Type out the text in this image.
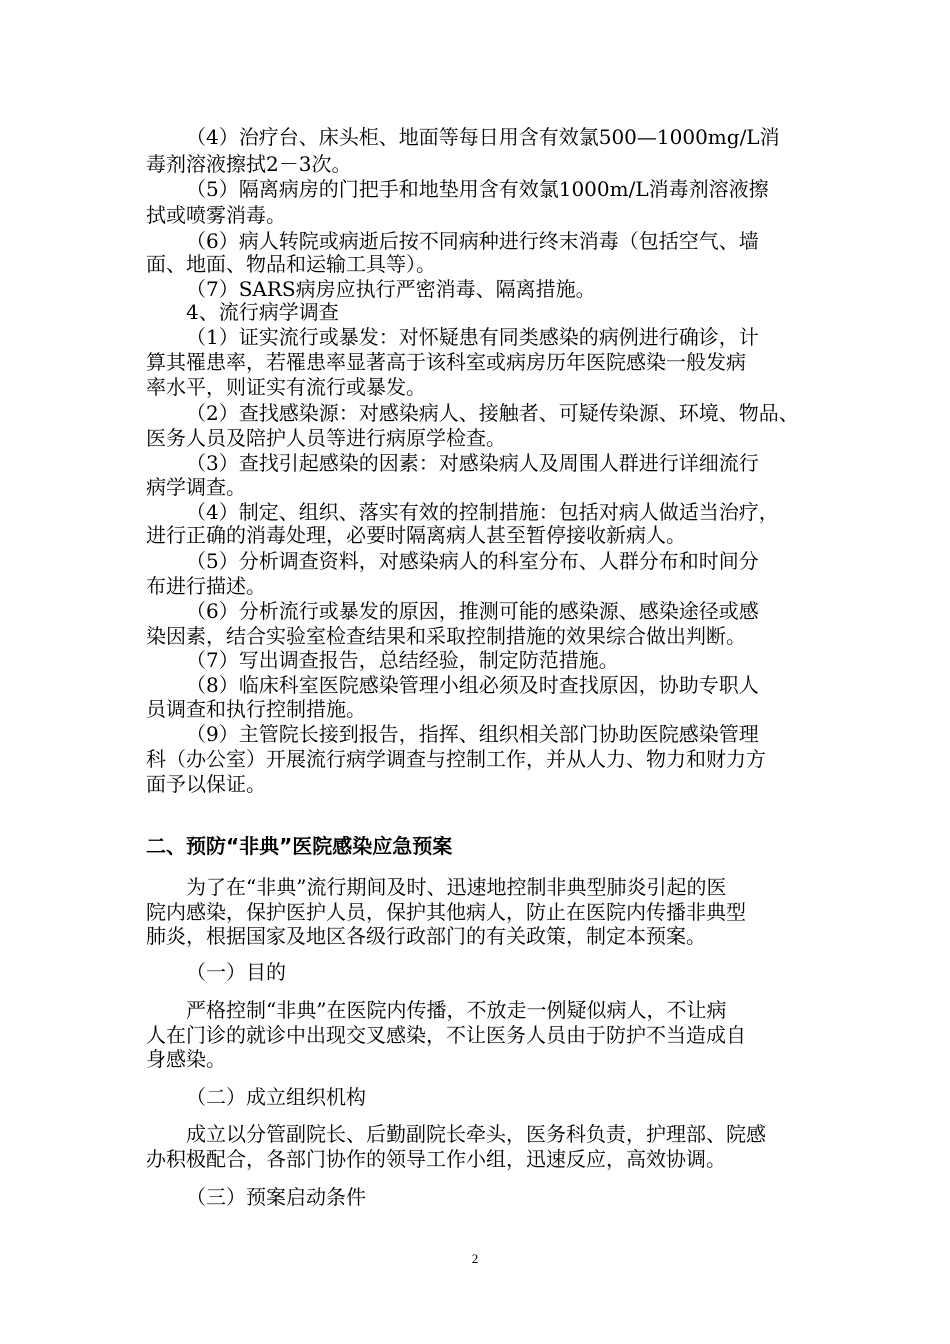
（4）治疗台、床头柜、地面等每日用含有效氯500—1000mg/L消
毒剂溶液擦拭2－3次。
（5）隔离病房的门把手和地垫用含有效氯1000m/L消毒剂溶液擦
拭或喷雾消毒。
（6）病人转院或病逝后按不同病种进行终末消毒（包括空气、墙
面、地面、物品和运输工具等）。
（7）SARS病房应执行严密消毒、隔离措施。
4、流行病学调查
（1）证实流行或暴发：对怀疑患有同类感染的病例进行确诊，计
算其罹患率，若罹患率显著高于该科室或病房历年医院感染一般发病
率水平，则证实有流行或暴发。
（2）查找感染源：对感染病人、接触者、可疑传染源、环境、物品、
医务人员及陪护人员等进行病原学检查。
（3）查找引起感染的因素：对感染病人及周围人群进行详细流行
病学调查。
（4）制定、组织、落实有效的控制措施：包括对病人做适当治疗，
进行正确的消毒处理，必要时隔离病人甚至暂停接收新病人。
（5）分析调查资料，对感染病人的科室分布、人群分布和时间分
布进行描述。
（6）分析流行或暴发的原因，推测可能的感染源、感染途径或感
染因素，结合实验室检查结果和采取控制措施的效果综合做出判断。
（7）写出调查报告，总结经验，制定防范措施。
（8）临床科室医院感染管理小组必须及时查找原因，协助专职人
员调查和执行控制措施。
（9）主管院长接到报告，指挥、组织相关部门协助医院感染管理
科（办公室）开展流行病学调查与控制工作，并从人力、物力和财力方
面予以保证。
二、预防“非典”医院感染应急预案
为了在“非典”流行期间及时、迅速地控制非典型肺炎引起的医
院内感染，保护医护人员，保护其他病人，防止在医院内传播非典型
肺炎，根据国家及地区各级行政部门的有关政策，制定本预案。
（一）目的
严格控制“非典”在医院内传播，不放走一例疑似病人，不让病
人在门诊的就诊中出现交叉感染，不让医务人员由于防护不当造成自
身感染。
（二）成立组织机构
成立以分管副院长、后勤副院长牵头，医务科负责，护理部、院感
办积极配合，各部门协作的领导工作小组，迅速反应，高效协调。
（三）预案启动条件
2
